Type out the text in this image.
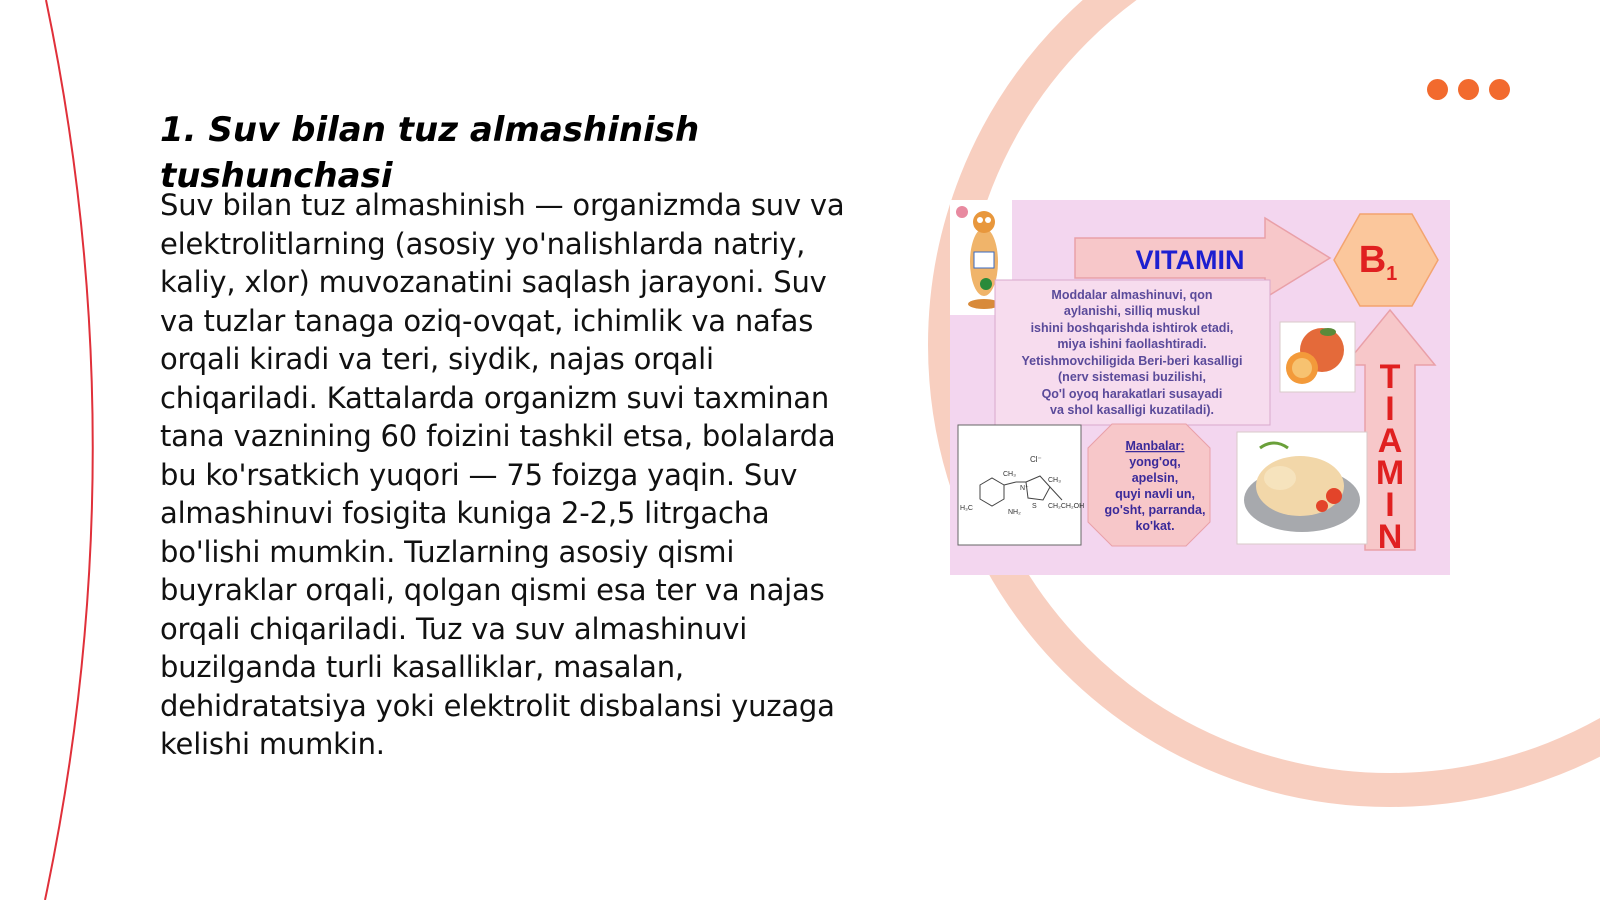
1. Suv bilan tuz almashinish tushunchasi

Suv bilan tuz almashinish — organizmda suv va elektrolitlarning (asosiy yo'nalishlarda natriy, kaliy, xlor) muvozanatini saqlash jarayoni. Suv va tuzlar tanaga oziq-ovqat, ichimlik va nafas orqali kiradi va teri, siydik, najas orqali chiqariladi. Kattalarda organizm suvi taxminan tana vaznining 60 foizini tashkil etsa, bolalarda bu ko'rsatkich yuqori — 75 foizga yaqin. Suv almashinuvi fosigita kuniga 2-2,5 litrgacha bo'lishi mumkin. Tuzlarning asosiy qismi buyraklar orqali, qolgan qismi esa ter va najas orqali chiqariladi. Tuz va suv almashinuvi buzilganda turli kasalliklar, masalan, dehidratatsiya yoki elektrolit disbalansi yuzaga kelishi mumkin.

VITAMIN	$B_1$
T
I
A
M
I
N
Moddalar almashinuvi, qon
aylanishi, silliq muskul
ishini boshqarishda ishtirok etadi,
miya ishini faollashtiradi.
Yetishmovchiligida Beri-beri kasalligi
(nerv sistemasi buzilishi,
Qo'l oyoq harakatlari susayadi
va shol kasalligi kuzatiladi).
Cl⁻
CH₃
CH₃
H₃C
NH₂
CH₂CH₂OH
N⁺
S
Manbalar:
yong'oq,
apelsin,
quyi navli un,
go'sht, parranda,
ko'kat.
